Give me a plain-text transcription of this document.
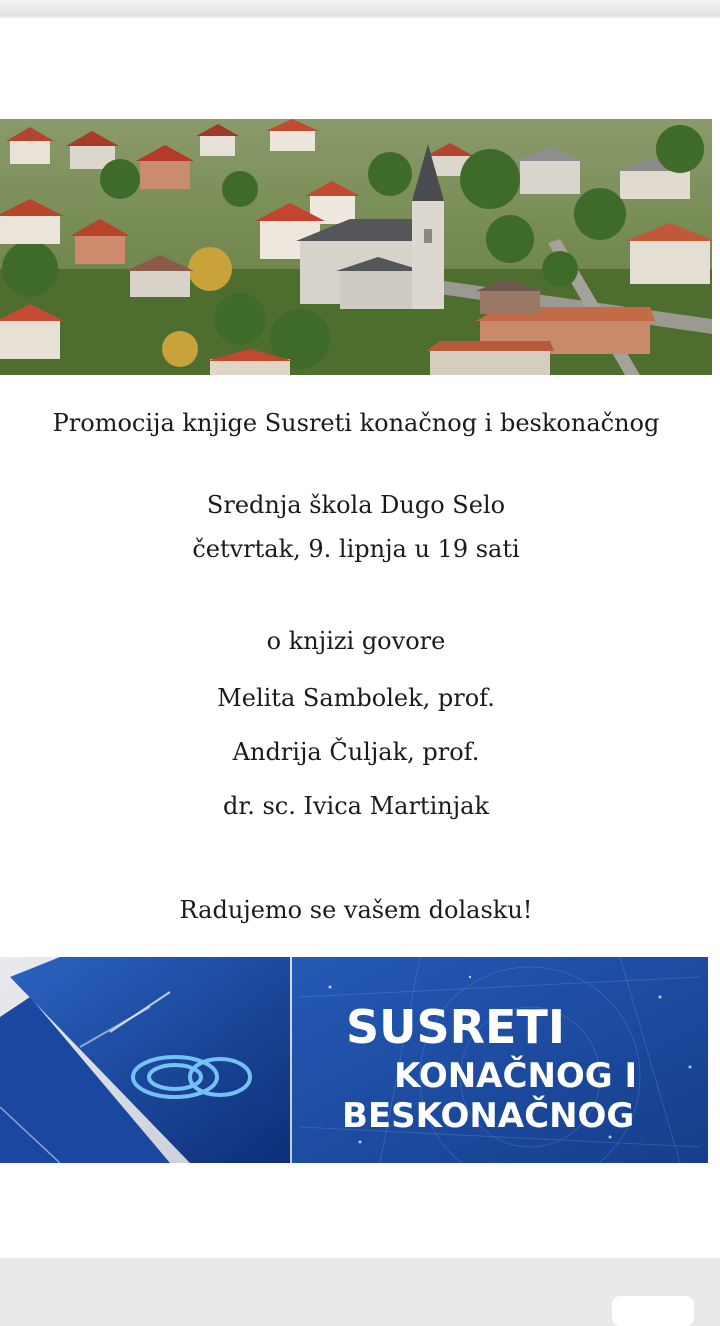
Promocija knjige Susreti konačnog i beskonačnog
Srednja škola Dugo Selo
četvrtak, 9. lipnja u 19 sati
o knjizi govore
Melita Sambolek, prof.
Andrija Čuljak, prof.
dr. sc. Ivica Martinjak
Radujemo se vašem dolasku!
SUSRETI
KONAČNOG I
BESKONAČNOG
